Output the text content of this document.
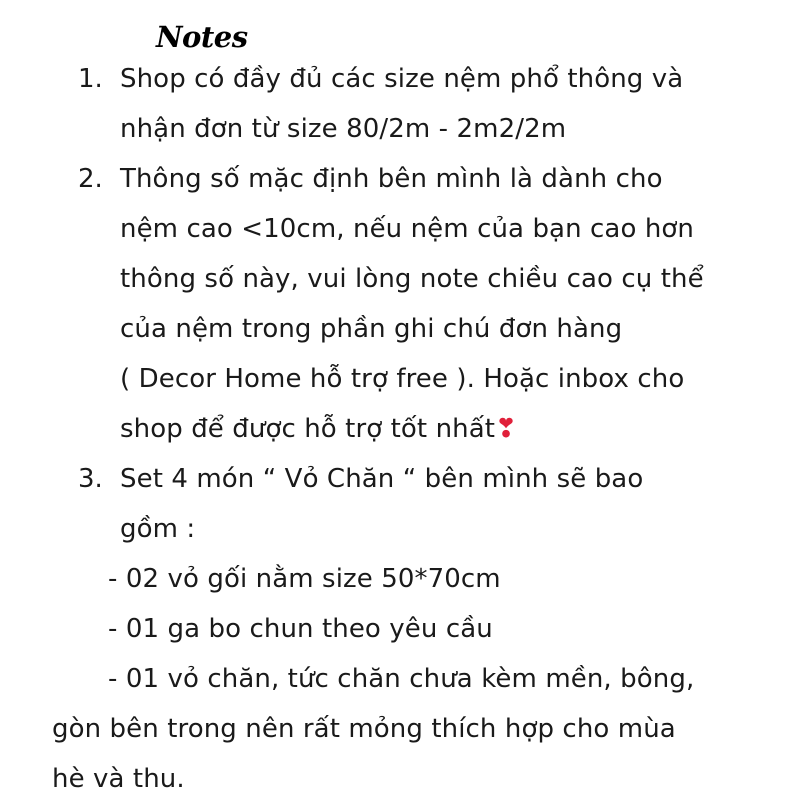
Notes
1. Shop có đầy đủ các size nệm phổ thông và
nhận đơn từ size 80/2m - 2m2/2m
2. Thông số mặc định bên mình là dành cho
nệm cao <10cm, nếu nệm của bạn cao hơn
thông số này, vui lòng note chiều cao cụ thể
của nệm trong phần ghi chú đơn hàng
( Decor Home hỗ trợ free ). Hoặc inbox cho
shop để được hỗ trợ tốt nhất❣
3. Set 4 món “ Vỏ Chăn “ bên mình sẽ bao
gồm :
- 02 vỏ gối nằm size 50*70cm
- 01 ga bo chun theo yêu cầu
- 01 vỏ chăn, tức chăn chưa kèm mền, bông,
gòn bên trong nên rất mỏng thích hợp cho mùa
hè và thu.
